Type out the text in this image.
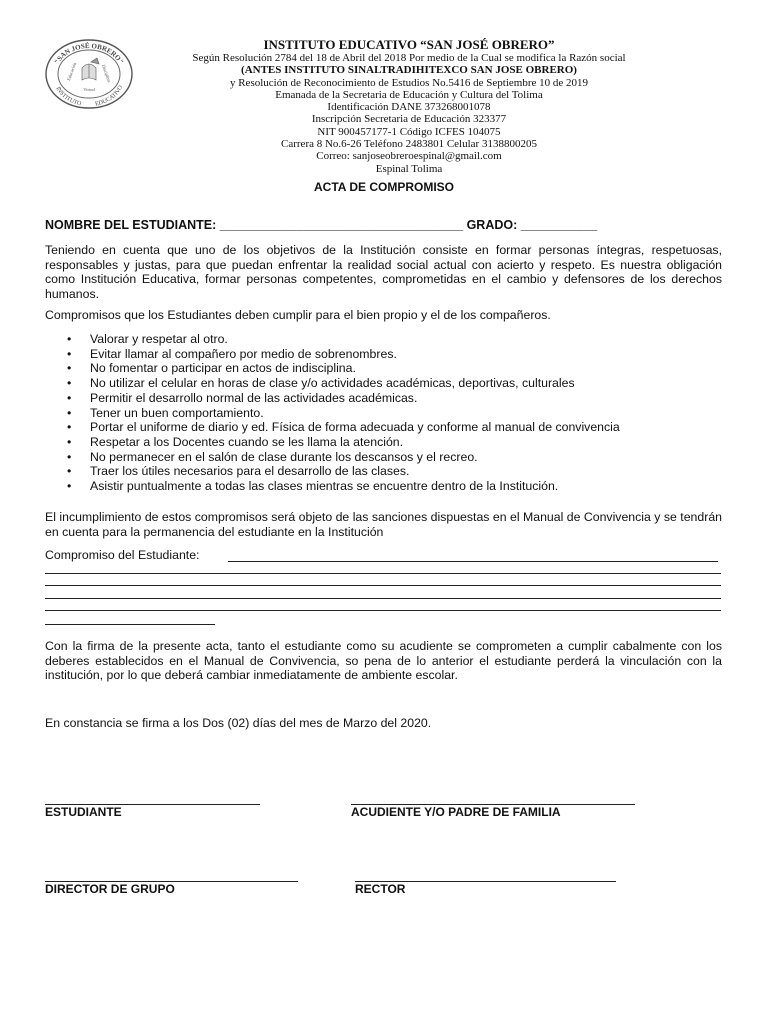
"SAN JOSÉ OBRERO"
INSTITUTO EDUCATIVO
Educación	Disciplina
Virtud
INSTITUTO EDUCATIVO “SAN JOSÉ OBRERO”
Según Resolución 2784 del 18 de Abril del 2018 Por medio de la Cual se modifica la Razón social
(ANTES INSTITUTO SINALTRADIHITEXCO SAN JOSE OBRERO)
y Resolución de Reconocimiento de Estudios No.5416 de Septiembre 10 de 2019
Emanada de la Secretaria de Educación y Cultura del Tolima
Identificación DANE 373268001078
Inscripción Secretaria de Educación 323377
NIT 900457177-1 Código ICFES 104075
Carrera 8 No.6-26 Teléfono 2483801 Celular 3138800205
Correo: sanjoseobreroespinal@gmail.com
Espinal Tolima
ACTA DE COMPROMISO
NOMBRE DEL ESTUDIANTE: ___________________________________ GRADO: ___________
Teniendo en cuenta que uno de los objetivos de la Institución consiste en formar personas íntegras, respetuosas, responsables y justas, para que puedan enfrentar la realidad social actual con acierto y respeto. Es nuestra obligación como Institución Educativa, formar personas competentes, comprometidas en el cambio y defensores de los derechos humanos.
Compromisos que los Estudiantes deben cumplir para el bien propio y el de los compañeros.
• Valorar y respetar al otro.
• Evitar llamar al compañero por medio de sobrenombres.
• No fomentar o participar en actos de indisciplina.
• No utilizar el celular en horas de clase y/o actividades académicas, deportivas, culturales
• Permitir el desarrollo normal de las actividades académicas.
• Tener un buen comportamiento.
• Portar el uniforme de diario y ed. Física de forma adecuada y conforme al manual de convivencia
• Respetar a los Docentes cuando se les llama la atención.
• No permanecer en el salón de clase durante los descansos y el recreo.
• Traer los útiles necesarios para el desarrollo de las clases.
• Asistir puntualmente a todas las clases mientras se encuentre dentro de la Institución.
El incumplimiento de estos compromisos será objeto de las sanciones dispuestas en el Manual de Convivencia y se tendrán en cuenta para la permanencia del estudiante en la Institución
Compromiso del Estudiante:
Con la firma de la presente acta, tanto el estudiante como su acudiente se comprometen a cumplir cabalmente con los deberes establecidos en el Manual de Convivencia, so pena de lo anterior el estudiante perderá la vinculación con la institución, por lo que deberá cambiar inmediatamente de ambiente escolar.
En constancia se firma a los Dos (02) días del mes de Marzo del 2020.
ESTUDIANTE	ACUDIENTE Y/O PADRE DE FAMILIA
DIRECTOR DE GRUPO	RECTOR
